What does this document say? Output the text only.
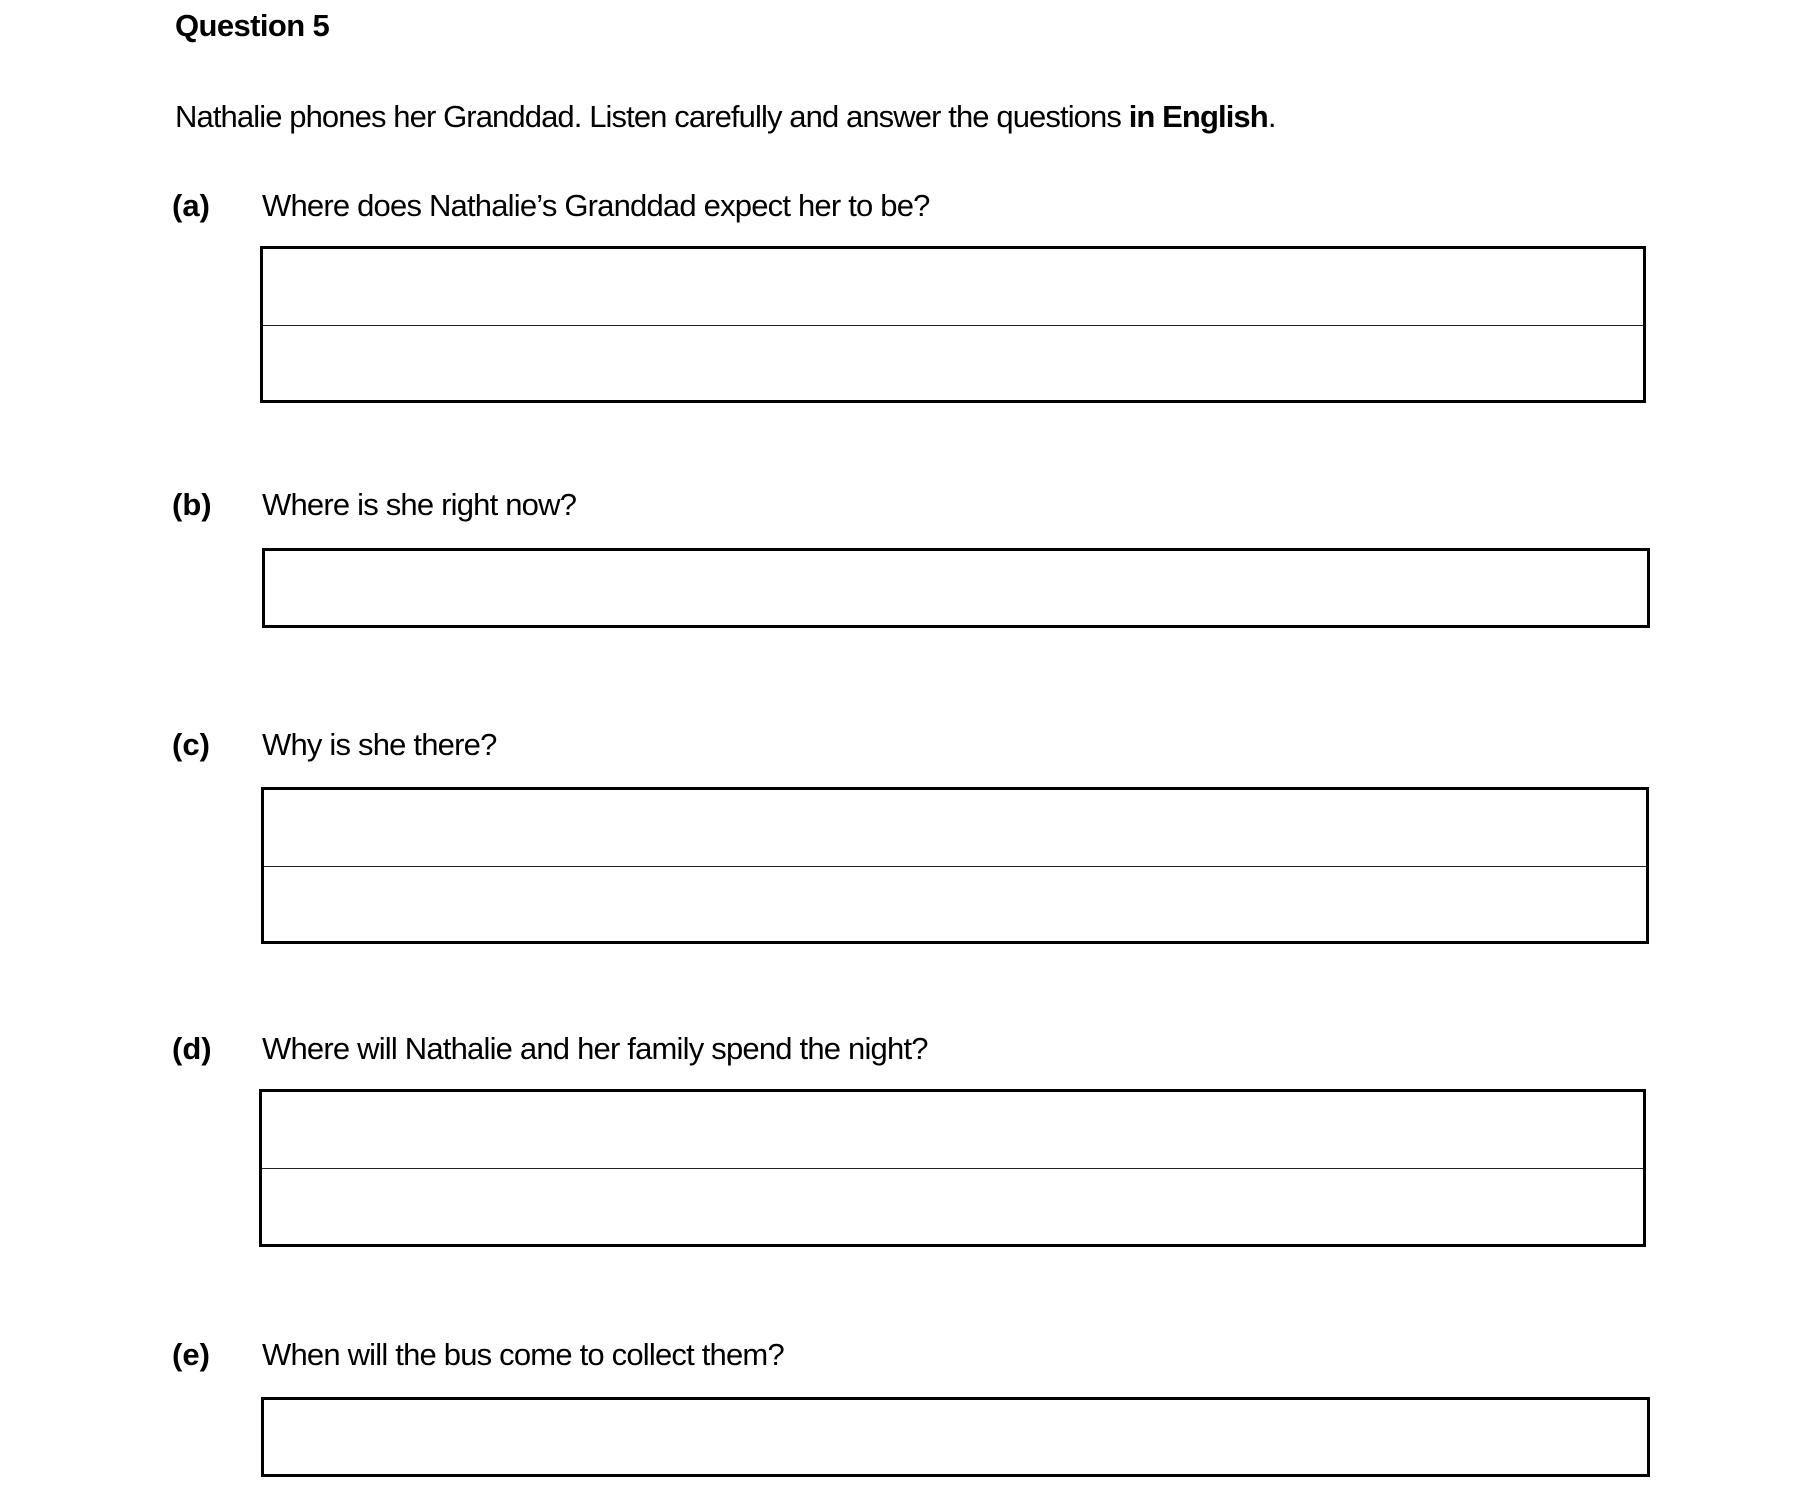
Question 5
Nathalie phones her Granddad. Listen carefully and answer the questions in English.
(a) Where does Nathalie’s Granddad expect her to be?
(b) Where is she right now?
(c) Why is she there?
(d) Where will Nathalie and her family spend the night?
(e) When will the bus come to collect them?
